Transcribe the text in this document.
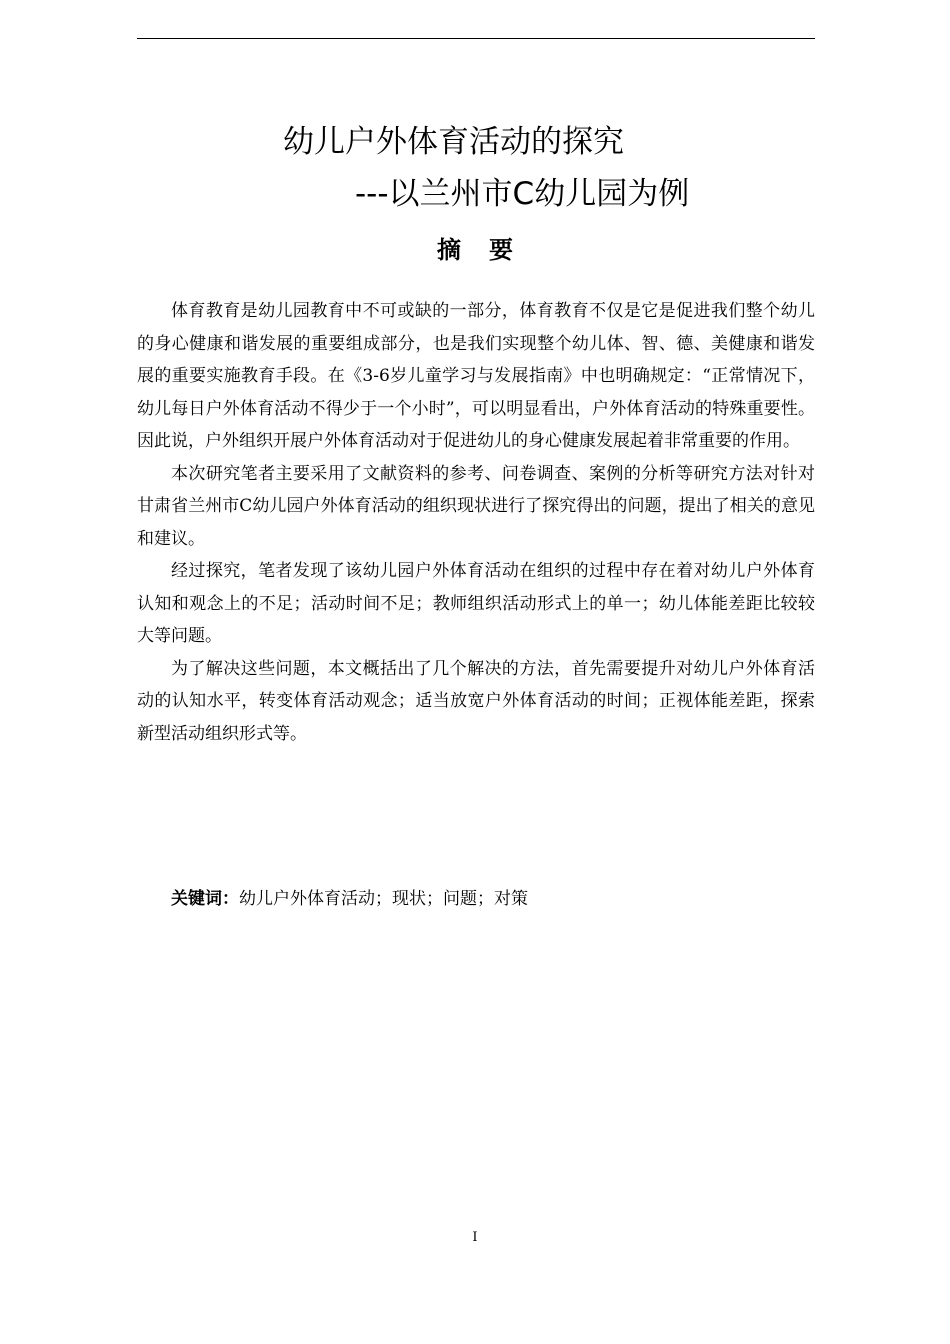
幼儿户外体育活动的探究
---以兰州市C幼儿园为例
摘要

体育教育是幼儿园教育中不可或缺的一部分，体育教育不仅是它是促进我们整个幼儿的身心健康和谐发展的重要组成部分，也是我们实现整个幼儿体、智、德、美健康和谐发展的重要实施教育手段。在《3-6岁儿童学习与发展指南》中也明确规定：“正常情况下，幼儿每日户外体育活动不得少于一个小时”，可以明显看出，户外体育活动的特殊重要性。因此说，户外组织开展户外体育活动对于促进幼儿的身心健康发展起着非常重要的作用。

本次研究笔者主要采用了文献资料的参考、问卷调查、案例的分析等研究方法对针对甘肃省兰州市C幼儿园户外体育活动的组织现状进行了探究得出的问题，提出了相关的意见和建议。

经过探究，笔者发现了该幼儿园户外体育活动在组织的过程中存在着对幼儿户外体育认知和观念上的不足；活动时间不足；教师组织活动形式上的单一；幼儿体能差距比较较大等问题。

为了解决这些问题，本文概括出了几个解决的方法，首先需要提升对幼儿户外体育活动的认知水平，转变体育活动观念；适当放宽户外体育活动的时间；正视体能差距，探索新型活动组织形式等。

关键词：幼儿户外体育活动；现状；问题；对策
I
